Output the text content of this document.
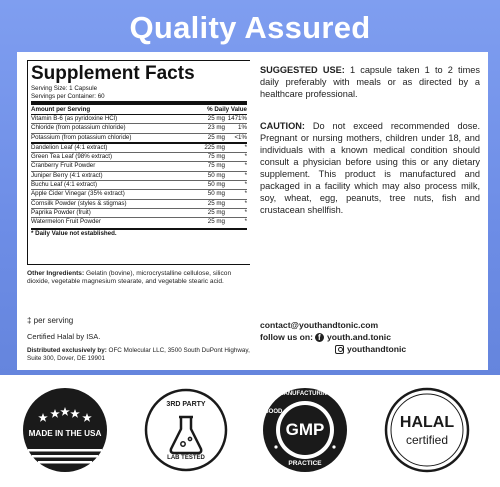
Quality Assured
Supplement Facts
Serving Size: 1 Capsule
Servings per Container: 60
Amount per Serving	% Daily Value
Vitamin B-6 (as pyridoxine HCl)	25 mg 1471%
Chloride (from potassium chloride)	23 mg	1%
Potassium (from potassium chloride)	25 mg	<1%
Dandelion Leaf (4:1 extract)	225 mg	*
Green Tea Leaf (98% extract)	75 mg	*
Cranberry Fruit Powder	75 mg	*
Juniper Berry (4:1 extract)	50 mg	*
Buchu Leaf (4:1 extract)	50 mg	*
Apple Cider Vinegar (35% extract)	50 mg	*
Cornsilk Powder (styles & stigmas)	25 mg	*
Paprika Powder (fruit)	25 mg	*
Watermelon Fruit Powder	25 mg	*
* Daily Value not established.
Other Ingredients: Gelatin (bovine), microcrystalline cellulose, silicon dioxide, vegetable magnesium stearate, and vegetable stearic acid.
‡ per serving
Certified Halal by ISA.
Distributed exclusively by: OFC Molecular LLC, 3500 South DuPont Highway, Suite 300, Dover, DE 19901
SUGGESTED USE: 1 capsule taken 1 to 2 times daily preferably with meals or as directed by a healthcare professional.
CAUTION: Do not exceed recommended dose. Pregnant or nursing mothers, children under 18, and individuals with a known medical condition should consult a physician before using this or any dietary supplement. This product is manufactured and packaged in a facility which may also process milk, soy, wheat, egg, peanuts, tree nuts, fish and crustacean shellfish.
contact@youthandtonic.com
follow us on:
f youth.and.tonic
youthandtonic
MADE IN THE USA
3RD PARTY
LAB TESTED
GMP
MANUFACTURING
GOOD
PRACTICE
HALAL
certified
